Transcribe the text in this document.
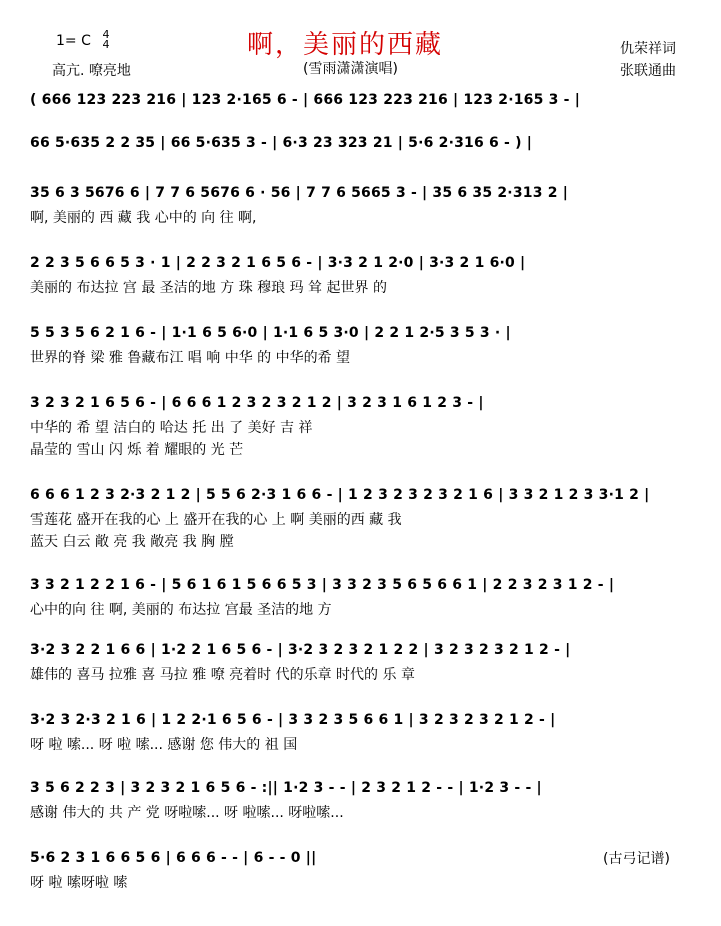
1= C 4
4	啊，美丽的西藏
(雪雨潇潇演唱)
高亢. 嘹亮地
仇荣祥词
张联通曲
( 666 123 223 216 | 123 2·165 6 - | 666 123 223 216 | 123 2·165 3 - |
66 5·635 2 2 35 | 66 5·635 3 - | 6·3 23 323 21 | 5·6 2·316 6 - ) |
35 6 3 5676 6 | 7 7 6 5676 6 · 56 | 7 7 6 5665 3 - | 35 6 35 2·313 2 |
啊, 美丽的 西 藏 我 心中的 向 往 啊,
2 2 3 5 6 6 5 3 · 1 | 2 2 3 2 1 6 5 6 - | 3·3 2 1 2·0 | 3·3 2 1 6·0 |
美丽的 布达拉 宫 最 圣洁的地 方 珠 穆琅 玛 耸 起世界 的
5 5 3 5 6 2 1 6 - | 1·1 6 5 6·0 | 1·1 6 5 3·0 | 2 2 1 2·5 3 5 3 · |
世界的脊 梁 雅 鲁藏布江 唱 响 中华 的 中华的希 望
3 2 3 2 1 6 5 6 - | 6 6 6 1 2 3 2 3 2 1 2 | 3 2 3 1 6 1 2 3 - |
中华的 希 望 洁白的 哈达 托 出 了 美好 吉 祥
晶莹的 雪山 闪 烁 着 耀眼的 光 芒
6 6 6 1 2 3 2·3 2 1 2 | 5 5 6 2·3 1 6 6 - | 1 2 3 2 3 2 3 2 1 6 | 3 3 2 1 2 3 3·1 2 |
雪莲花 盛开在我的心 上 盛开在我的心 上 啊 美丽的西 藏 我
蓝天 白云 敞 亮 我 敞亮 我 胸 膛
3 3 2 1 2 2 1 6 - | 5 6 1 6 1 5 6 6 5 3 | 3 3 2 3 5 6 5 6 6 1 | 2 2 3 2 3 1 2 - |
心中的向 往 啊, 美丽的 布达拉 宫最 圣洁的地 方
3·2 3 2 2 1 6 6 | 1·2 2 1 6 5 6 - | 3·2 3 2 3 2 1 2 2 | 3 2 3 2 3 2 1 2 - |
雄伟的 喜马 拉雅 喜 马拉 雅 嘹 亮着时 代的乐章 时代的 乐 章
3·2 3 2·3 2 1 6 | 1 2 2·1 6 5 6 - | 3 3 2 3 5 6 6 1 | 3 2 3 2 3 2 1 2 - |
呀 啦 嗦... 呀 啦 嗦... 感谢 您 伟大的 祖 国
3 5 6 2 2 3 | 3 2 3 2 1 6 5 6 - :|| 1·2 3 - - | 2 3 2 1 2 - - | 1·2 3 - - |
感谢 伟大的 共 产 党 呀啦嗦... 呀 啦嗦... 呀啦嗦...
5·6 2 3 1 6 6 5 6 | 6 6 6 - - | 6 - - 0 ||
呀 啦 嗦呀啦 嗦
(古弓记谱)
